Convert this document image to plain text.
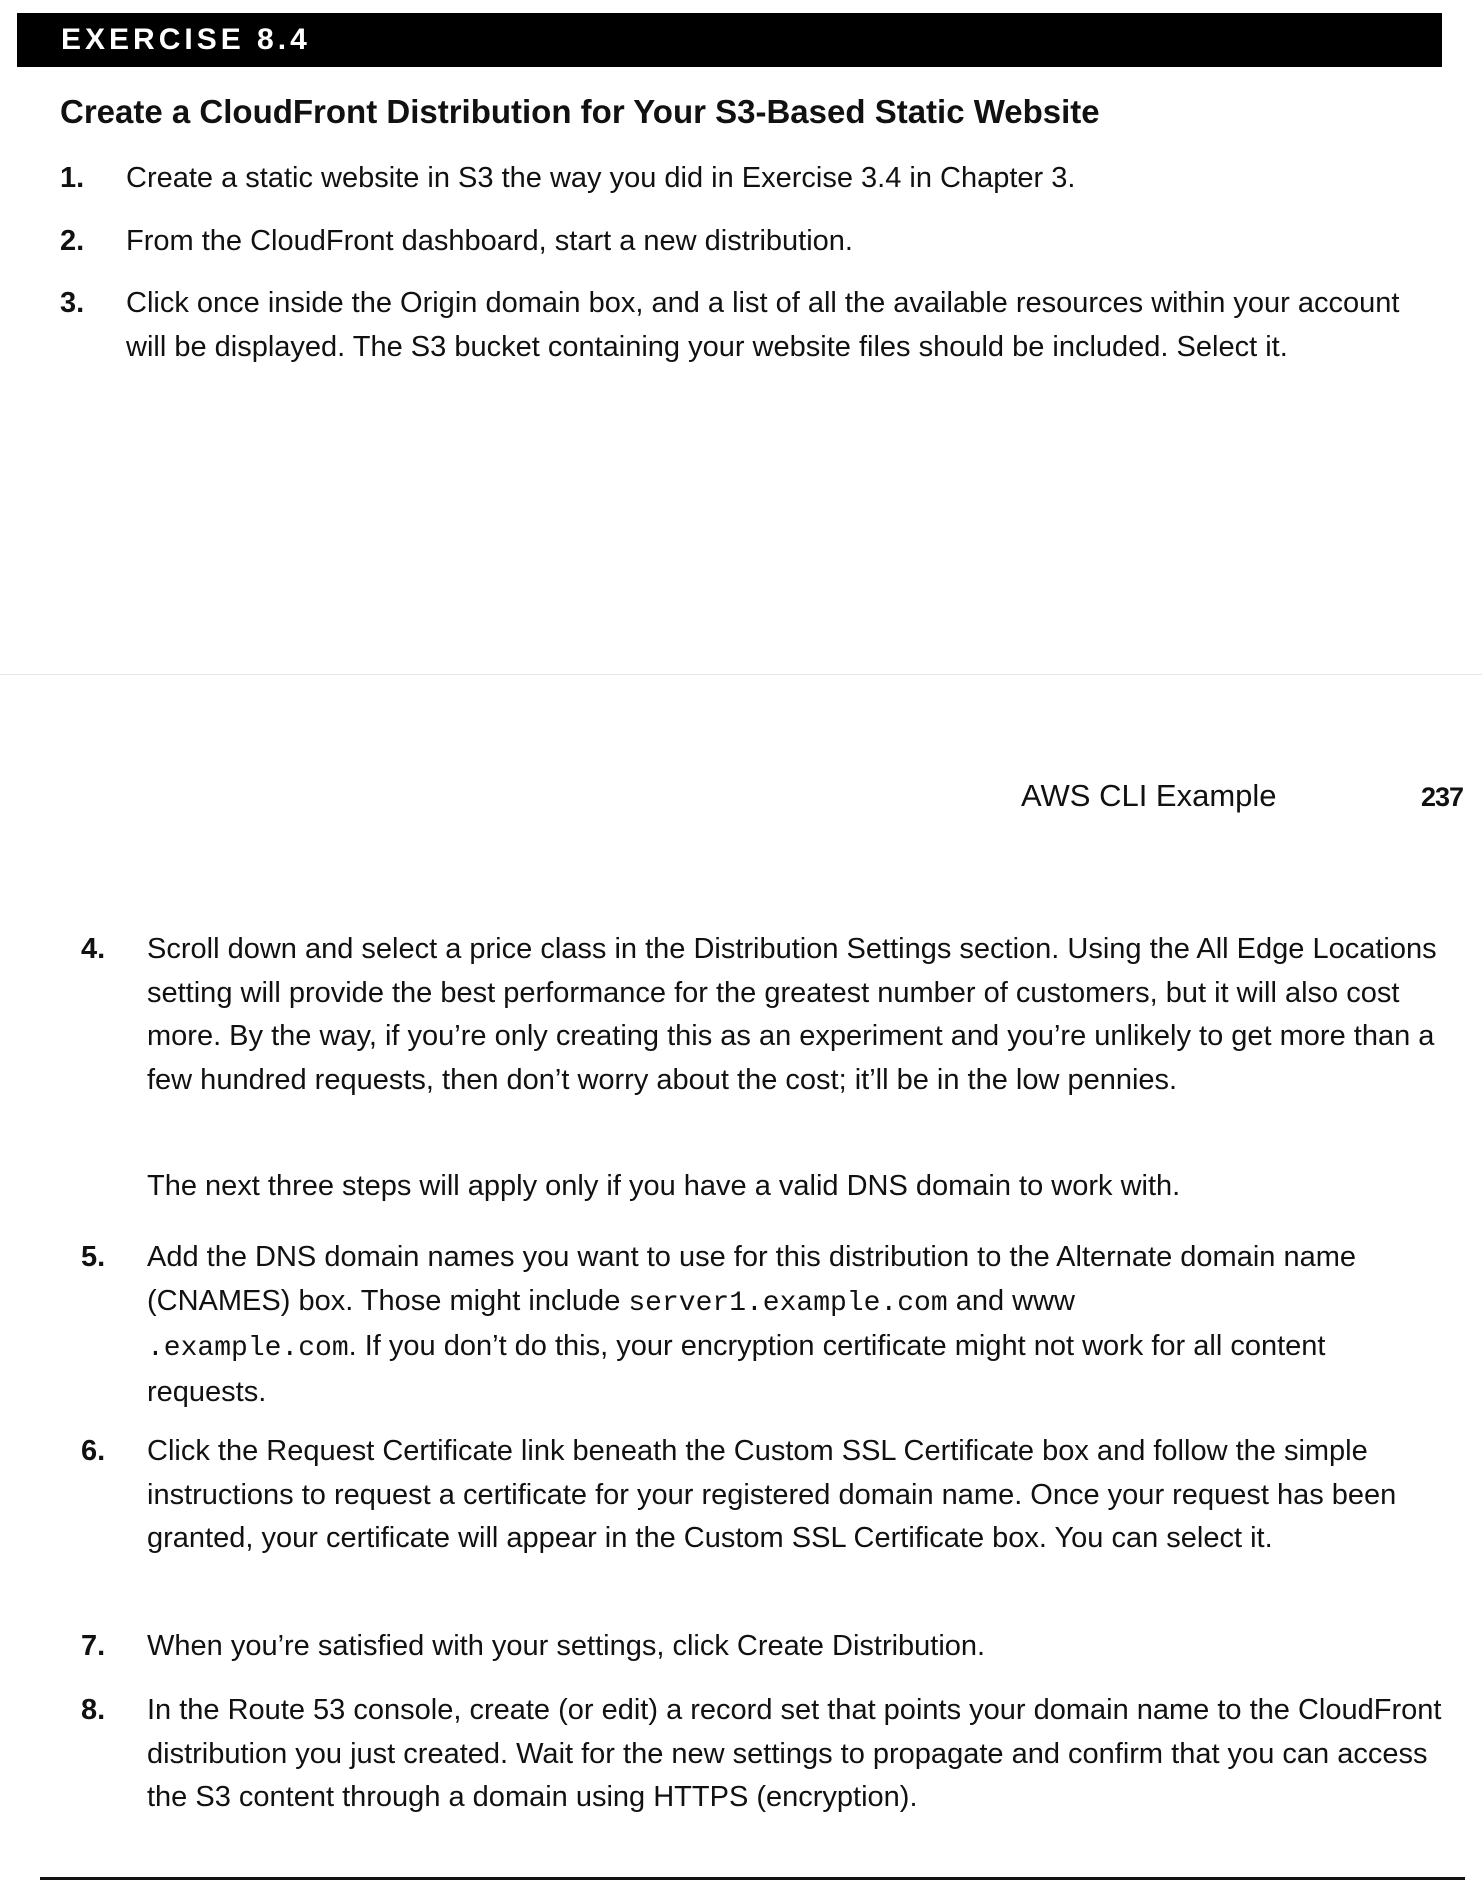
EXERCISE 8.4
Create a CloudFront Distribution for Your S3-Based Static Website
1. Create a static website in S3 the way you did in Exercise 3.4 in Chapter 3.
2. From the CloudFront dashboard, start a new distribution.
3. Click once inside the Origin domain box, and a list of all the available resources within your account will be displayed. The S3 bucket containing your website files should be included. Select it.
AWS CLI Example	237
4. Scroll down and select a price class in the Distribution Settings section. Using the All Edge Locations setting will provide the best performance for the greatest number of customers, but it will also cost more. By the way, if you’re only creating this as an experiment and you’re unlikely to get more than a few hundred requests, then don’t worry about the cost; it’ll be in the low pennies.
The next three steps will apply only if you have a valid DNS domain to work with.
5. Add the DNS domain names you want to use for this distribution to the Alternate domain name (CNAMES) box. Those might include server1.example.com and www
.example.com. If you don’t do this, your encryption certificate might not work for all content requests.
6. Click the Request Certificate link beneath the Custom SSL Certificate box and follow the simple instructions to request a certificate for your registered domain name. Once your request has been granted, your certificate will appear in the Custom SSL Certificate box. You can select it.
7. When you’re satisfied with your settings, click Create Distribution.
8. In the Route 53 console, create (or edit) a record set that points your domain name to the CloudFront distribution you just created. Wait for the new settings to propagate and confirm that you can access the S3 content through a domain using HTTPS (encryption).
